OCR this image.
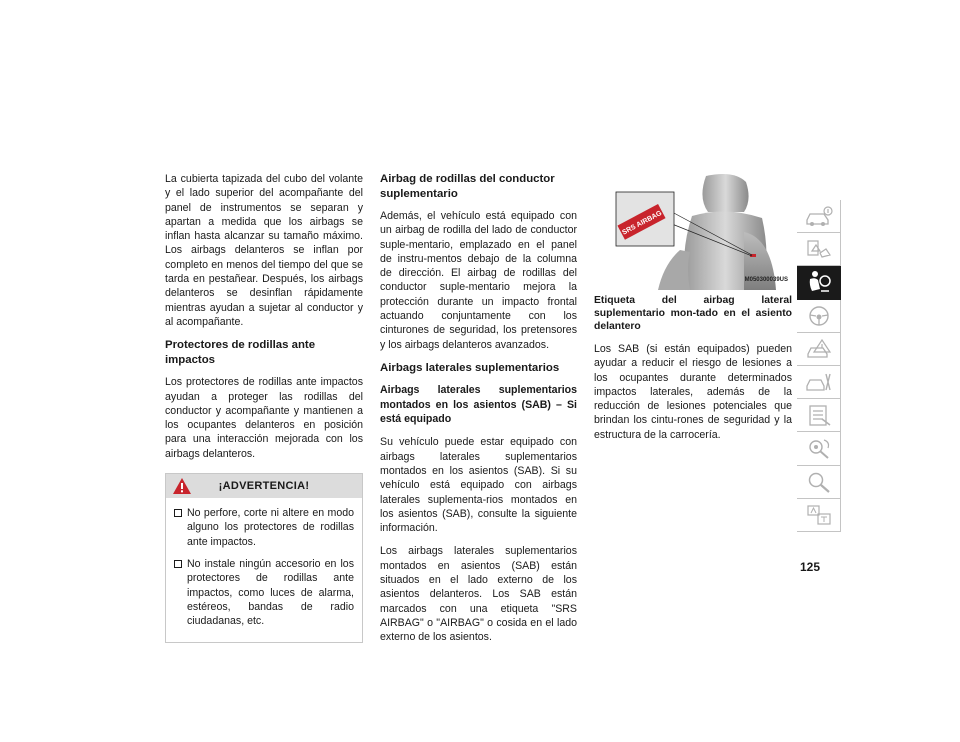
La cubierta tapizada del cubo del volante y el lado superior del acompañante del panel de instrumentos se separan y apartan a medida que los airbags se inflan hasta alcanzar su tamaño máximo. Los airbags delanteros se inflan por completo en menos del tiempo del que se tarda en pestañear. Después, los airbags delanteros se desinflan rápidamente mientras ayudan a sujetar al conductor y al acompañante.

Protectores de rodillas ante impactos

Los protectores de rodillas ante impactos ayudan a proteger las rodillas del conductor y acompañante y mantienen a los ocupantes delanteros en posición para una interacción mejorada con los airbags delanteros.

¡ADVERTENCIA!
No perfore, corte ni altere en modo alguno los protectores de rodillas ante impactos.
No instale ningún accesorio en los protectores de rodillas ante impactos, como luces de alarma, estéreos, bandas de radio ciudadanas, etc.
Airbag de rodillas del conductor suplementario

Además, el vehículo está equipado con un airbag de rodilla del lado de conductor suple-mentario, emplazado en el panel de instru-mentos debajo de la columna de dirección. El airbag de rodillas del conductor suple-mentario mejora la protección durante un impacto frontal actuando conjuntamente con los cinturones de seguridad, los pretensores y los airbags delanteros avanzados.

Airbags laterales suplementarios

Airbags laterales suplementarios montados en los asientos (SAB) – Si está equipado

Su vehículo puede estar equipado con airbags laterales suplementarios montados en los asientos (SAB). Si su vehículo está equipado con airbags laterales suplementa-rios montados en los asientos (SAB), consulte la siguiente información.

Los airbags laterales suplementarios montados en asientos (SAB) están situados en el lado externo de los asientos delanteros. Los SAB están marcados con una etiqueta "SRS AIRBAG" o "AIRBAG" o cosida en el lado externo de los asientos.

SRS AIRBAG
M050300039US

Etiqueta del airbag lateral suplementario mon-tado en el asiento delantero

Los SAB (si están equipados) pueden ayudar a reducir el riesgo de lesiones a los ocupantes durante determinados impactos laterales, además de la reducción de lesiones potenciales que brindan los cintu-rones de seguridad y la estructura de la carrocería.

125
